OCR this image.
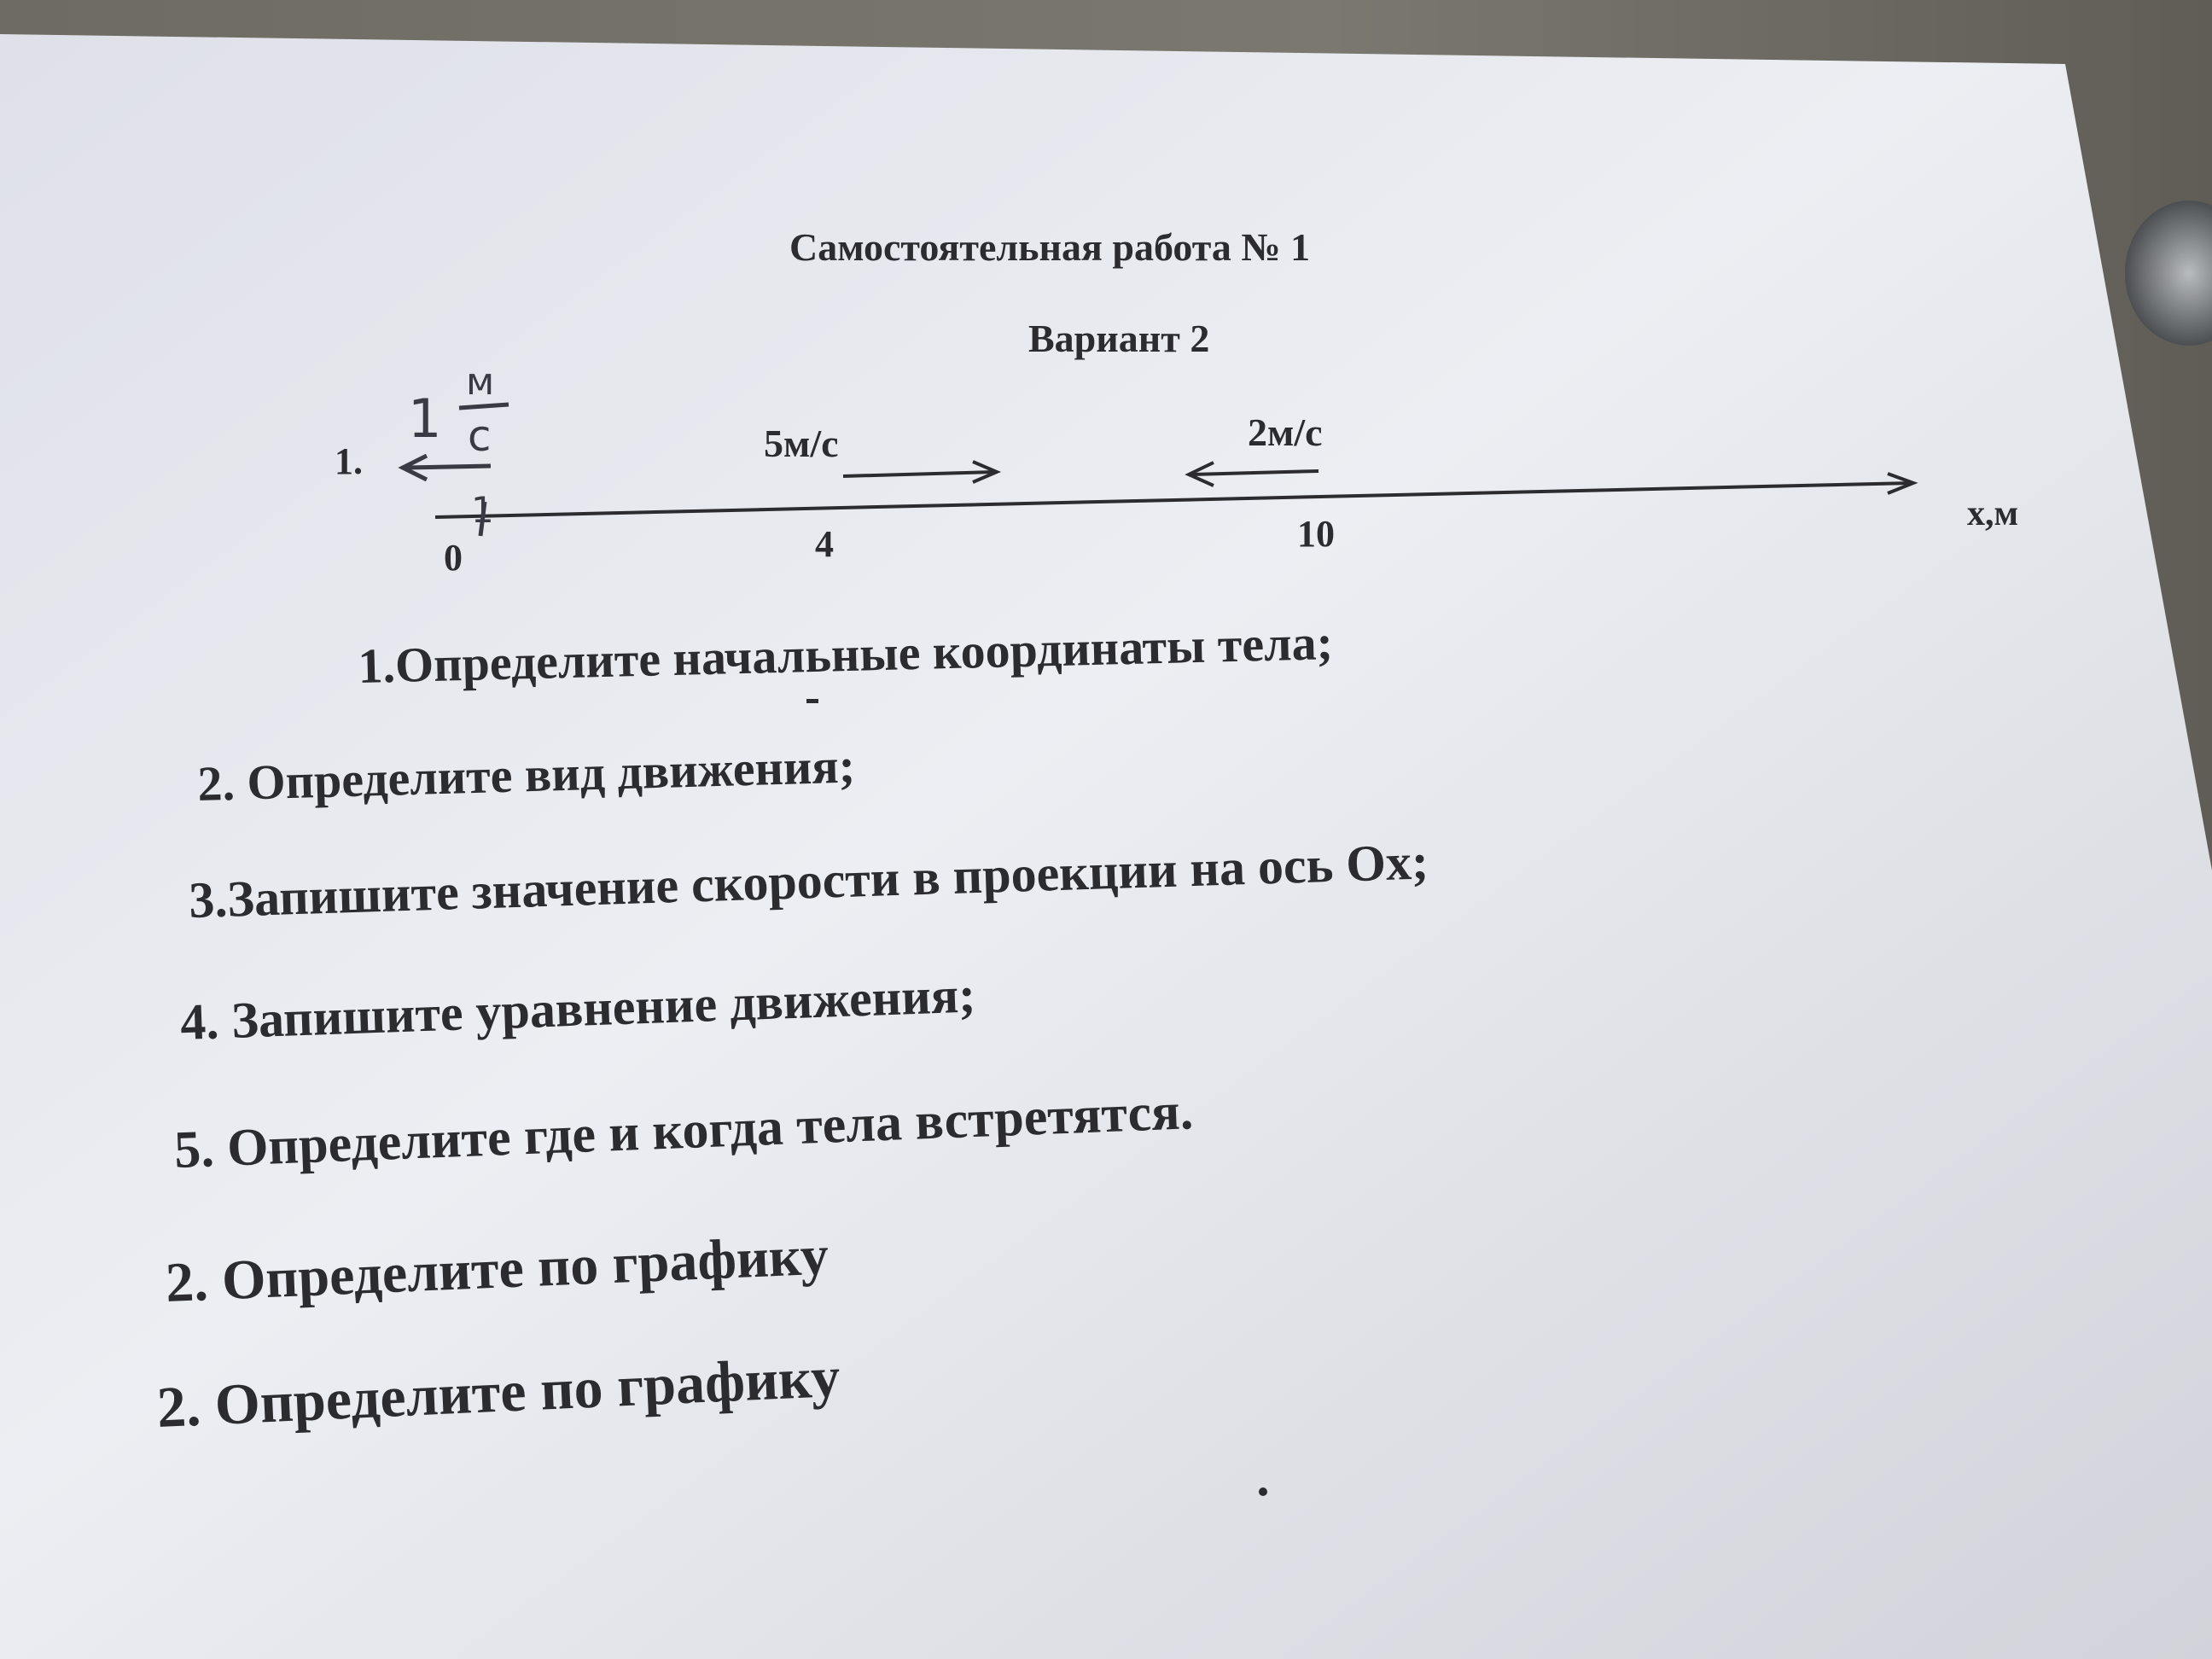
Самостоятельная работа № 1
Вариант 2
1.
1
м
с	5м/с	2м/с
1	x,м
0	4	10
1.Определите начальные координаты тела;
2. Определите вид движения;
3.Запишите значение скорости в проекции на ось Ох;
4. Запишите уравнение движения;
5. Определите где и когда тела встретятся.
2. Определите по графику
2. Определите по графику
